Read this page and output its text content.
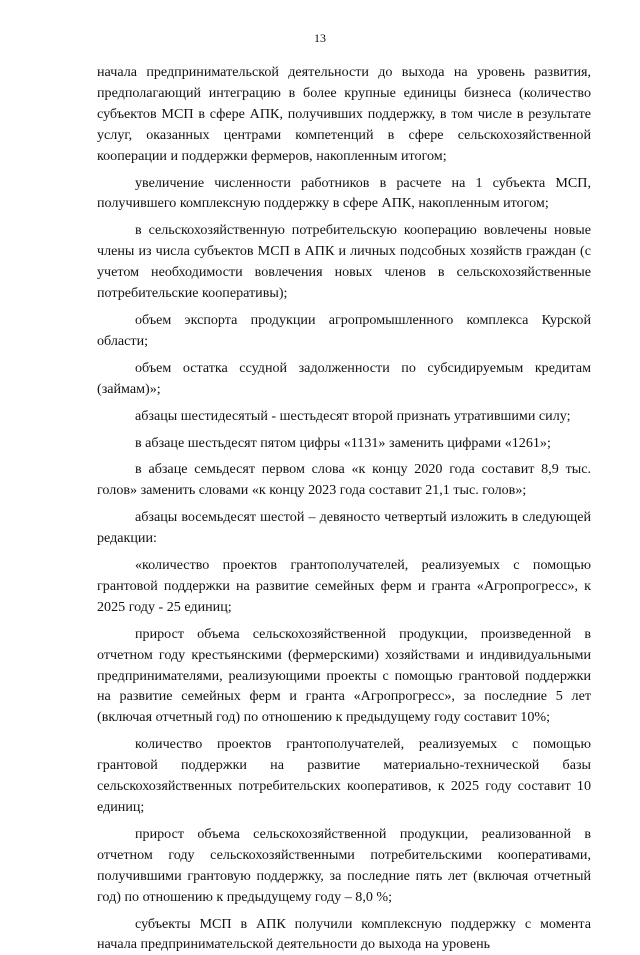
13

начала предпринимательской деятельности до выхода на уровень развития, предполагающий интеграцию в более крупные единицы бизнеса (количество субъектов МСП в сфере АПК, получивших поддержку, в том числе в результате услуг, оказанных центрами компетенций в сфере сельскохозяйственной кооперации и поддержки фермеров, накопленным итогом;

увеличение численности работников в расчете на 1 субъекта МСП, получившего комплексную поддержку в сфере АПК, накопленным итогом;

в сельскохозяйственную потребительскую кооперацию вовлечены новые члены из числа субъектов МСП в АПК и личных подсобных хозяйств граждан (с учетом необходимости вовлечения новых членов в сельскохозяйственные потребительские кооперативы);

объем экспорта продукции агропромышленного комплекса Курской области;

объем остатка ссудной задолженности по субсидируемым кредитам (займам)»;

абзацы шестидесятый - шестьдесят второй признать утратившими силу;

в абзаце шестьдесят пятом цифры «1131» заменить цифрами «1261»;

в абзаце семьдесят первом слова «к концу 2020 года составит 8,9 тыс. голов» заменить словами «к концу 2023 года составит 21,1 тыс. голов»;

абзацы восемьдесят шестой – девяносто четвертый изложить в следующей редакции:

«количество проектов грантополучателей, реализуемых с помощью грантовой поддержки на развитие семейных ферм и гранта «Агропрогресс», к 2025 году - 25 единиц;

прирост объема сельскохозяйственной продукции, произведенной в отчетном году крестьянскими (фермерскими) хозяйствами и индивидуальными предпринимателями, реализующими проекты с помощью грантовой поддержки на развитие семейных ферм и гранта «Агропрогресс», за последние 5 лет (включая отчетный год) по отношению к предыдущему году составит 10%;

количество проектов грантополучателей, реализуемых с помощью грантовой поддержки на развитие материально-технической базы сельскохозяйственных потребительских кооперативов, к 2025 году составит 10 единиц;

прирост объема сельскохозяйственной продукции, реализованной в отчетном году сельскохозяйственными потребительскими кооперативами, получившими грантовую поддержку, за последние пять лет (включая отчетный год) по отношению к предыдущему году – 8,0 %;

субъекты МСП в АПК получили комплексную поддержку с момента начала предпринимательской деятельности до выхода на уровень
